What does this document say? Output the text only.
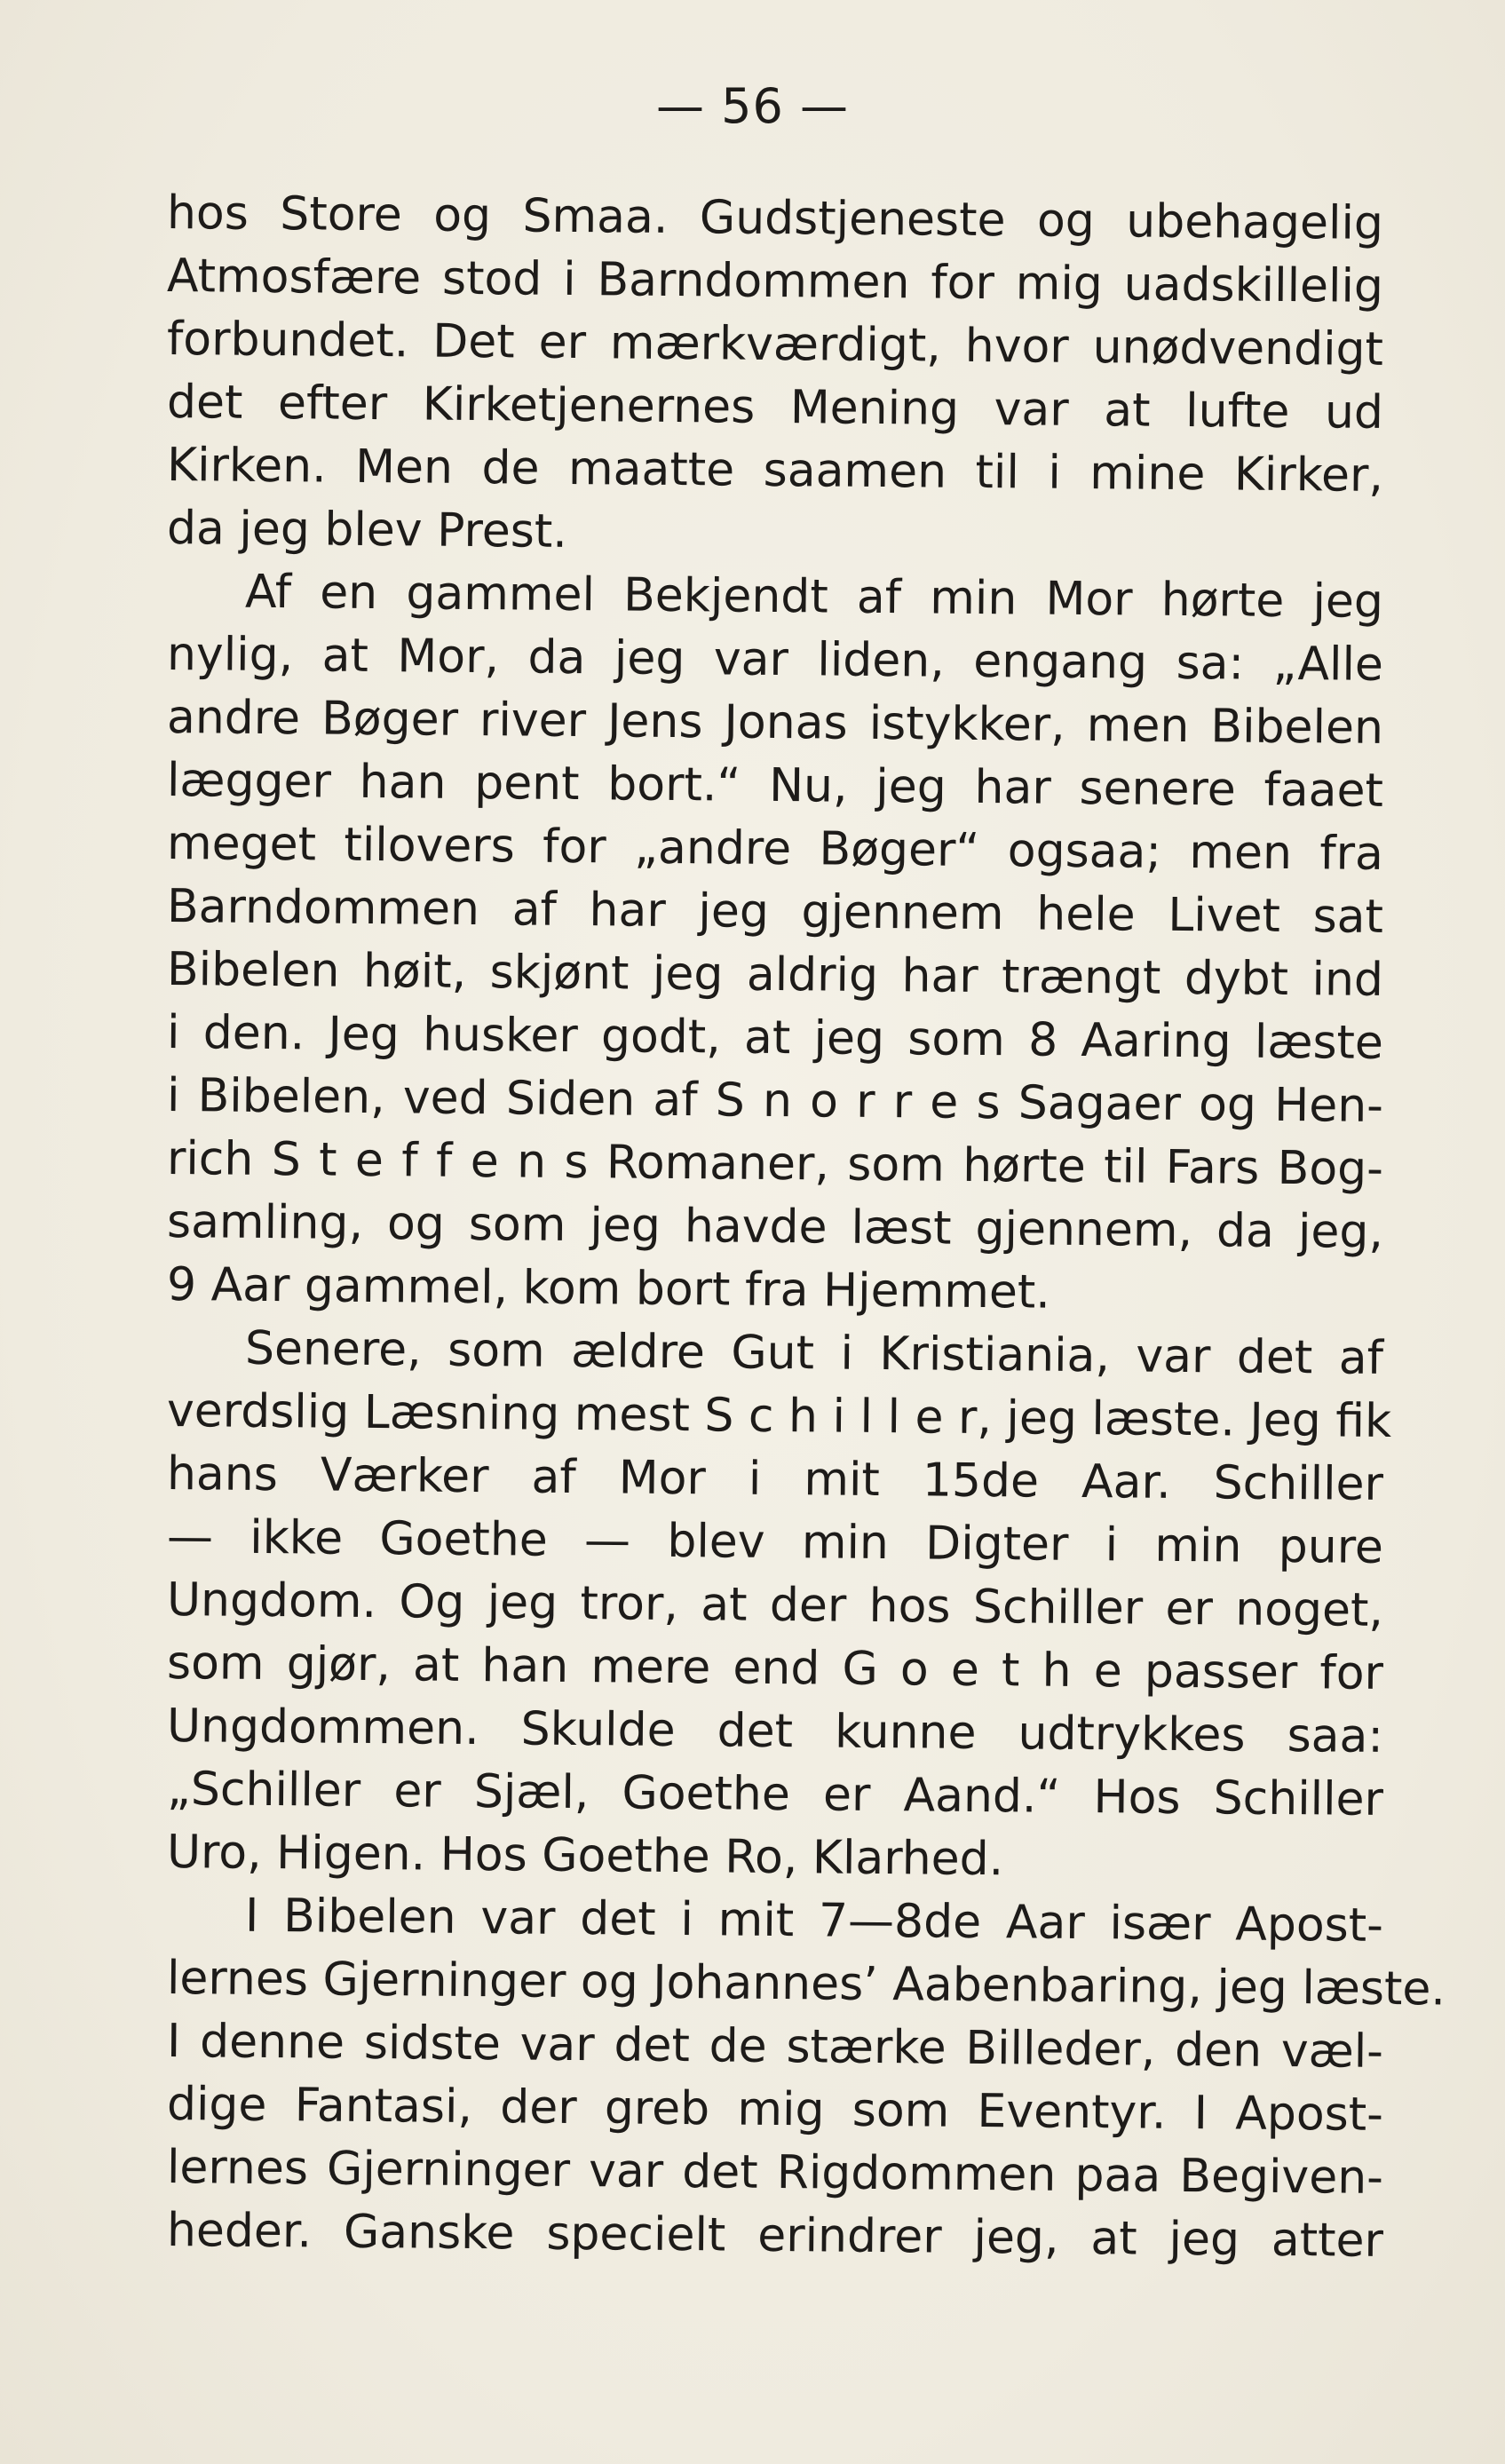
— 56 —
hos Store og Smaa. Gudstjeneste og ubehagelig
Atmosfære stod i Barndommen for mig uadskillelig
forbundet. Det er mærkværdigt, hvor unødvendigt
det efter Kirketjenernes Mening var at lufte ud
Kirken. Men de maatte saamen til i mine Kirker,
da jeg blev Prest.
Af en gammel Bekjendt af min Mor hørte jeg
nylig, at Mor, da jeg var liden, engang sa: „Alle
andre Bøger river Jens Jonas istykker, men Bibelen
lægger han pent bort.“ Nu, jeg har senere faaet
meget tilovers for „andre Bøger“ ogsaa; men fra
Barndommen af har jeg gjennem hele Livet sat
Bibelen høit, skjønt jeg aldrig har trængt dybt ind
i den. Jeg husker godt, at jeg som 8 Aaring læste
i Bibelen, ved Siden af S n o r r e s Sagaer og Hen-
rich S t e f f e n s Romaner, som hørte til Fars Bog-
samling, og som jeg havde læst gjennem, da jeg,
9 Aar gammel, kom bort fra Hjemmet.
Senere, som ældre Gut i Kristiania, var det af
verdslig Læsning mest S c h i l l e r, jeg læste. Jeg fik
hans Værker af Mor i mit 15de Aar. Schiller
— ikke Goethe — blev min Digter i min pure
Ungdom. Og jeg tror, at der hos Schiller er noget,
som gjør, at han mere end G o e t h e passer for
Ungdommen. Skulde det kunne udtrykkes saa:
„Schiller er Sjæl, Goethe er Aand.“ Hos Schiller
Uro, Higen. Hos Goethe Ro, Klarhed.
I Bibelen var det i mit 7—8de Aar især Apost-
lernes Gjerninger og Johannes’ Aabenbaring, jeg læste.
I denne sidste var det de stærke Billeder, den væl-
dige Fantasi, der greb mig som Eventyr. I Apost-
lernes Gjerninger var det Rigdommen paa Begiven-
heder. Ganske specielt erindrer jeg, at jeg atter
